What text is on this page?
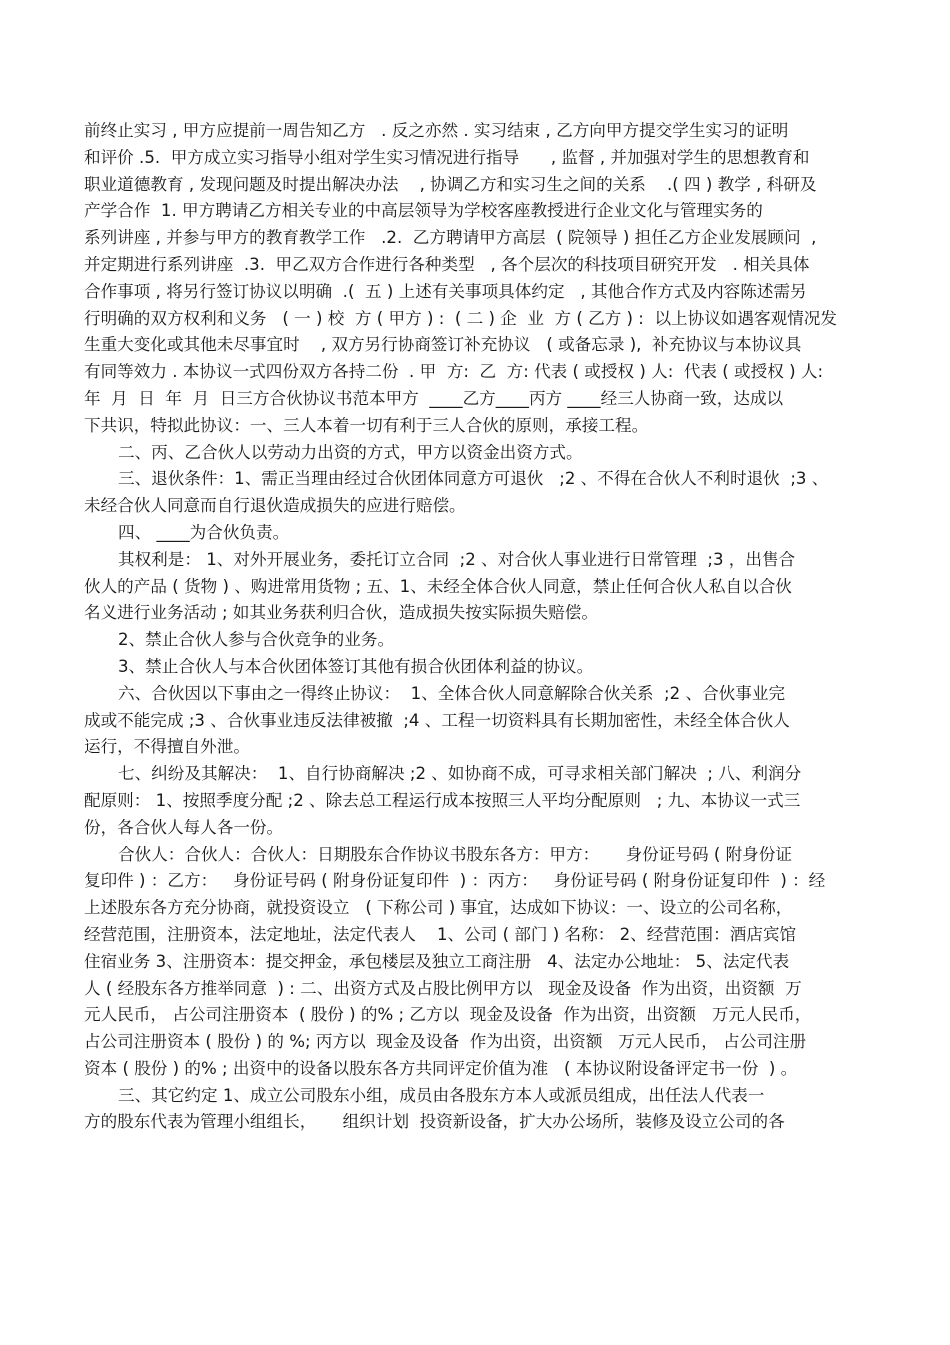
前终止实习 , 甲方应提前一周告知乙方   . 反之亦然 . 实习结束 , 乙方向甲方提交学生实习的证明
和评价 .5.  甲方成立实习指导小组对学生实习情况进行指导      , 监督 , 并加强对学生的思想教育和
职业道德教育 , 发现问题及时提出解决办法    , 协调乙方和实习生之间的关系    .( 四 ) 教学 , 科研及
产学合作  1. 甲方聘请乙方相关专业的中高层领导为学校客座教授进行企业文化与管理实务的
系列讲座 , 并参与甲方的教育教学工作   .2.  乙方聘请甲方高层  ( 院领导 ) 担任乙方企业发展顾问  ,
并定期进行系列讲座  .3.  甲乙双方合作进行各种类型   , 各个层次的科技项目研究开发   . 相关具体
合作事项 , 将另行签订协议以明确  .(  五 ) 上述有关事项具体约定   , 其他合作方式及内容陈述需另
行明确的双方权利和义务   ( 一 ) 校  方 ( 甲方 ) :  ( 二 ) 企  业  方 ( 乙方 ) :  以上协议如遇客观情况发
生重大变化或其他未尽事宜时    , 双方另行协商签订补充协议   ( 或备忘录 ),  补充协议与本协议具
有同等效力 . 本协议一式四份双方各持二份  . 甲  方:  乙  方: 代表 ( 或授权 ) 人:  代表 ( 或授权 ) 人:
年  月  日  年  月  日三方合伙协议书范本甲方  ____乙方____丙方 ____经三人协商一致，达成以
下共识，特拟此协议：一、三人本着一切有利于三人合伙的原则，承接工程。
二、丙、乙合伙人以劳动力出资的方式，甲方以资金出资方式。
三、退伙条件：1、需正当理由经过合伙团体同意方可退伙   ;2 、不得在合伙人不利时退伙  ;3 、
未经合伙人同意而自行退伙造成损失的应进行赔偿。
四、 ____为合伙负责。
其权利是： 1、对外开展业务，委托订立合同  ;2 、对合伙人事业进行日常管理  ;3 ，出售合
伙人的产品 ( 货物 ) 、购进常用货物 ; 五、1、未经全体合伙人同意，禁止任何合伙人私自以合伙
名义进行业务活动 ; 如其业务获利归合伙，造成损失按实际损失赔偿。
2、禁止合伙人参与合伙竞争的业务。
3、禁止合伙人与本合伙团体签订其他有损合伙团体利益的协议。
六、合伙因以下事由之一得终止协议：  1、全体合伙人同意解除合伙关系  ;2 、合伙事业完
成或不能完成 ;3 、合伙事业违反法律被撤  ;4 、工程一切资料具有长期加密性，未经全体合伙人
运行，不得擅自外泄。
七、纠纷及其解决：  1、自行协商解决 ;2 、如协商不成，可寻求相关部门解决  ; 八、利润分
配原则： 1、按照季度分配 ;2 、除去总工程运行成本按照三人平均分配原则   ; 九、本协议一式三
份，各合伙人每人各一份。
合伙人：合伙人：合伙人：日期股东合作协议书股东各方：甲方：     身份证号码 ( 附身份证
复印件 ) ：乙方：   身份证号码 ( 附身份证复印件  ) ：丙方：   身份证号码 ( 附身份证复印件  ) ：经
上述股东各方充分协商，就投资设立   ( 下称公司 ) 事宜，达成如下协议：一、设立的公司名称，
经营范围，注册资本，法定地址，法定代表人    1、公司 ( 部门 ) 名称： 2、经营范围：酒店宾馆
住宿业务 3、注册资本：提交押金，承包楼层及独立工商注册   4、法定办公地址： 5、法定代表
人 ( 经股东各方推举同意  ) : 二、出资方式及占股比例甲方以   现金及设备  作为出资，出资额  万
元人民币， 占公司注册资本  ( 股份 ) 的% ; 乙方以  现金及设备  作为出资，出资额   万元人民币，
占公司注册资本 ( 股份 ) 的 %; 丙方以  现金及设备  作为出资，出资额   万元人民币， 占公司注册
资本 ( 股份 ) 的% ; 出资中的设备以股东各方共同评定价值为准   ( 本协议附设备评定书一份  ) 。
三、其它约定 1、成立公司股东小组，成员由各股东方本人或派员组成，出任法人代表一
方的股东代表为管理小组组长，     组织计划  投资新设备，扩大办公场所，装修及设立公司的各
